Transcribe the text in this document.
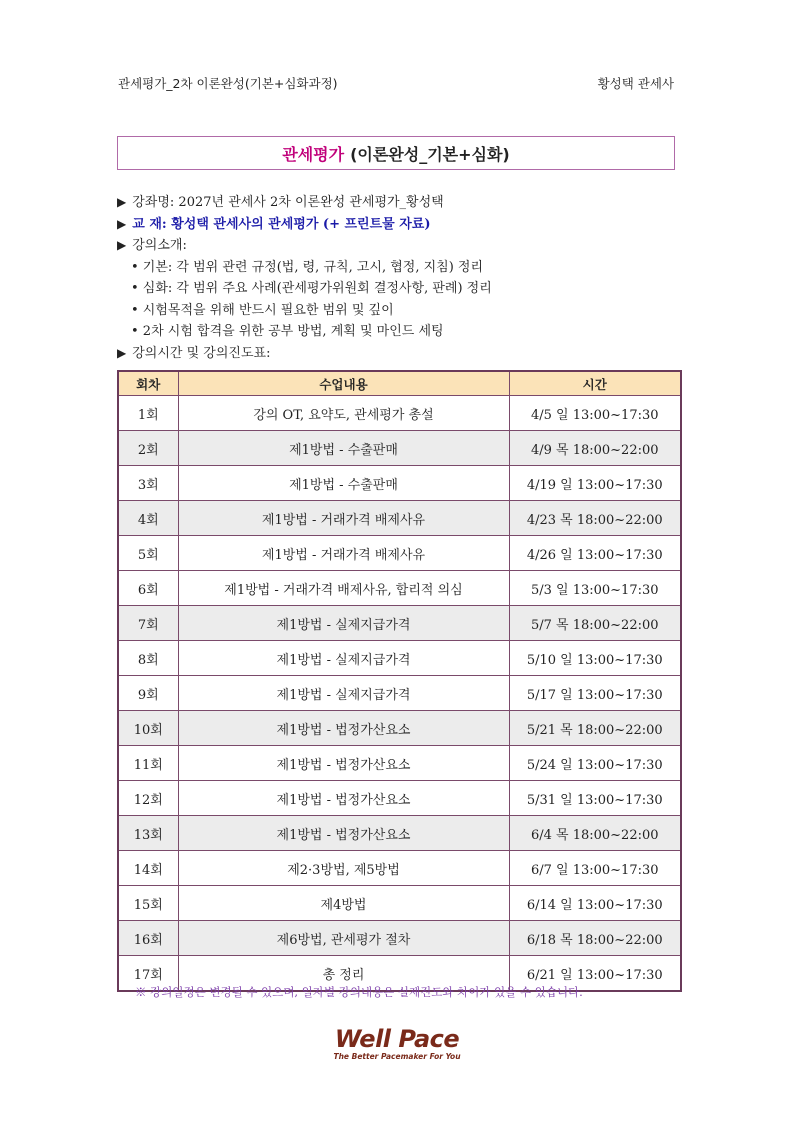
관세평가_2차 이론완성(기본+심화과정)	황성택 관세사
관세평가 (이론완성_기본+심화)
▶ 강좌명: 2027년 관세사 2차 이론완성 관세평가_황성택
▶ 교 재: 황성택 관세사의 관세평가 (+ 프린트물 자료)
▶ 강의소개:
• 기본: 각 범위 관련 규정(법, 령, 규칙, 고시, 협정, 지침) 정리
• 심화: 각 범위 주요 사례(관세평가위원회 결정사항, 판례) 정리
• 시험목적을 위해 반드시 필요한 범위 및 깊이
• 2차 시험 합격을 위한 공부 방법, 계획 및 마인드 세팅
▶ 강의시간 및 강의진도표:
회차	수업내용	시간
1회	강의 OT, 요약도, 관세평가 총설	4/5 일 13:00~17:30
2회	제1방법 - 수출판매	4/9 목 18:00~22:00
3회	제1방법 - 수출판매	4/19 일 13:00~17:30
4회	제1방법 - 거래가격 배제사유	4/23 목 18:00~22:00
5회	제1방법 - 거래가격 배제사유	4/26 일 13:00~17:30
6회	제1방법 - 거래가격 배제사유, 합리적 의심	5/3 일 13:00~17:30
7회	제1방법 - 실제지급가격	5/7 목 18:00~22:00
8회	제1방법 - 실제지급가격	5/10 일 13:00~17:30
9회	제1방법 - 실제지급가격	5/17 일 13:00~17:30
10회	제1방법 - 법정가산요소	5/21 목 18:00~22:00
11회	제1방법 - 법정가산요소	5/24 일 13:00~17:30
12회	제1방법 - 법정가산요소	5/31 일 13:00~17:30
13회	제1방법 - 법정가산요소	6/4 목 18:00~22:00
14회	제2·3방법, 제5방법	6/7 일 13:00~17:30
15회	제4방법	6/14 일 13:00~17:30
16회	제6방법, 관세평가 절차	6/18 목 18:00~22:00
17회	총 정리	6/21 일 13:00~17:30
※ 강의일정은 변경될 수 있으며, 일자별 강의내용은 실제진도와 차이가 있을 수 있습니다.
Well Pace
The Better Pacemaker For You
